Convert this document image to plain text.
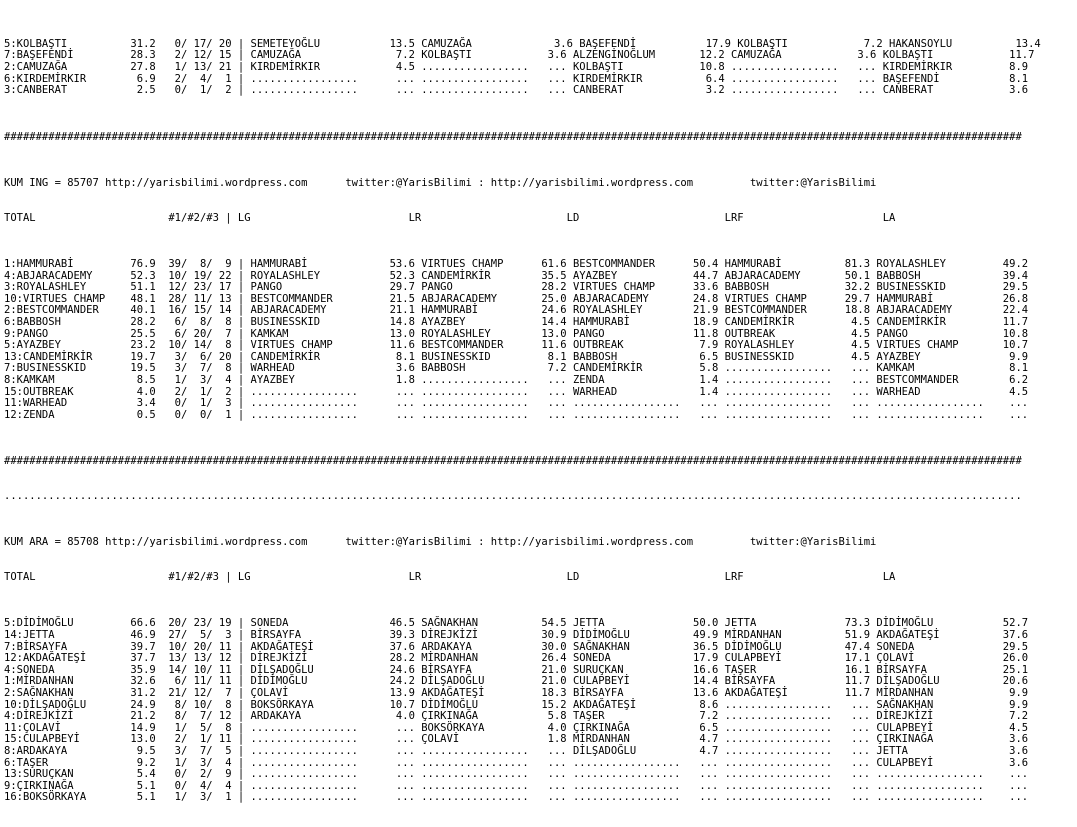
5:KOLBAŞTI          31.2   0/ 17/ 20 | SEMETEYOĞLU           13.5 CAMUZAĞA             3.6 BAŞEFENDİ           17.9 KOLBAŞTI            7.2 HAKANSOYLU          13.4
7:BAŞEFENDİ         28.3   2/ 12/ 15 | CAMUZAĞA               7.2 KOLBAŞTI            3.6 ALZENGİNOĞLUM       12.2 CAMUZAĞA            3.6 KOLBAŞTI            11.7
2:CAMUZAĞA          27.8   1/ 13/ 21 | KIRDEMİRKIR            4.5 .................   ... KOLBAŞTI            10.8 .................   ... KIRDEMİRKIR         8.9
6:KIRDEMİRKIR        6.9   2/  4/  1 | .................      ... .................   ... KIRDEMİRKIR          6.4 .................   ... BAŞEFENDİ           8.1
3:CANBERAT           2.5   0/  1/  2 | .................      ... .................   ... CANBERAT             3.2 .................   ... CANBERAT            3.6

#################################################################################################################################################################

KUM ING = 85707 http://yarisbilimi.wordpress.com      twitter:@YarisBilimi : http://yarisbilimi.wordpress.com         twitter:@YarisBilimi

TOTAL                     #1/#2/#3 | LG                         LR                       LD                       LRF                      LA

1:HAMMURABİ         76.9  39/  8/  9 | HAMMURABİ             53.6 VIRTUES CHAMP      61.6 BESTCOMMANDER      50.4 HAMMURABİ          81.3 ROYALASHLEY         49.2
4:ABJARACADEMY      52.3  10/ 19/ 22 | ROYALASHLEY           52.3 CANDEMİRKİR        35.5 AYAZBEY            44.7 ABJARACADEMY       50.1 BABBOSH             39.4
3:ROYALASHLEY       51.1  12/ 23/ 17 | PANGO                 29.7 PANGO              28.2 VIRTUES CHAMP      33.6 BABBOSH            32.2 BUSINESSKID         29.5
10:VIRTUES CHAMP    48.1  28/ 11/ 13 | BESTCOMMANDER         21.5 ABJARACADEMY       25.0 ABJARACADEMY       24.8 VIRTUES CHAMP      29.7 HAMMURABİ           26.8
2:BESTCOMMANDER     40.1  16/ 15/ 14 | ABJARACADEMY          21.1 HAMMURABİ          24.6 ROYALASHLEY        21.9 BESTCOMMANDER      18.8 ABJARACADEMY        22.4
6:BABBOSH           28.2   6/  8/  8 | BUSINESSKID           14.8 AYAZBEY            14.4 HAMMURABİ          18.9 CANDEMİRKİR         4.5 CANDEMİRKİR         11.7
9:PANGO             25.5   6/ 20/  7 | KAMKAM                13.0 ROYALASHLEY        13.0 PANGO              11.8 OUTBREAK            4.5 PANGO               10.8
5:AYAZBEY           23.2  10/ 14/  8 | VIRTUES CHAMP         11.6 BESTCOMMANDER      11.6 OUTBREAK            7.9 ROYALASHLEY         4.5 VIRTUES CHAMP       10.7
13:CANDEMİRKİR      19.7   3/  6/ 20 | CANDEMİRKİR            8.1 BUSINESSKID         8.1 BABBOSH             6.5 BUSINESSKID         4.5 AYAZBEY              9.9
7:BUSINESSKID       19.5   3/  7/  8 | WARHEAD                3.6 BABBOSH             7.2 CANDEMİRKİR         5.8 .................   ... KAMKAM               8.1
8:KAMKAM             8.5   1/  3/  4 | AYAZBEY                1.8 .................   ... ZENDA               1.4 .................   ... BESTCOMMANDER        6.2
15:OUTBREAK          4.0   2/  1/  2 | .................      ... .................   ... WARHEAD             1.4 .................   ... WARHEAD              4.5
11:WARHEAD           3.4   0/  1/  3 | .................      ... .................   ... .................   ... .................   ... .................    ...
12:ZENDA             0.5   0/  0/  1 | .................      ... .................   ... .................   ... .................   ... .................    ...

#################################################################################################################################################################

.................................................................................................................................................................

KUM ARA = 85708 http://yarisbilimi.wordpress.com      twitter:@YarisBilimi : http://yarisbilimi.wordpress.com         twitter:@YarisBilimi

TOTAL                     #1/#2/#3 | LG                         LR                       LD                       LRF                      LA

5:DİDİMOĞLU         66.6  20/ 23/ 19 | SONEDA                46.5 SAĞNAKHAN          54.5 JETTA              50.0 JETTA              73.3 DİDİMOĞLU           52.7
14:JETTA            46.9  27/  5/  3 | BİRSAYFA              39.3 DİREJKİZİ          30.9 DİDİMOĞLU          49.9 MİRDANHAN          51.9 AKDAĞATEŞİ          37.6
7:BİRSAYFA          39.7  10/ 20/ 11 | AKDAĞATEŞİ            37.6 ARDAKAYA           30.0 SAĞNAKHAN          36.5 DİDİMOĞLU          47.4 SONEDA              29.5
12:AKDAĞATEŞİ       37.7  13/ 13/ 12 | DİREJKİZİ             28.2 MİRDANHAN          26.4 SONEDA             17.9 CULAPBEYİ          17.1 ÇOLAVİ              26.0
4:SONEDA            35.9  14/ 10/ 11 | DİLŞADOĞLU            24.6 BİRSAYFA           21.0 SURUÇKAN           16.6 TAŞER              16.1 BİRSAYFA            25.1
1:MİRDANHAN         32.6   6/ 11/ 11 | DİDİMOĞLU             24.2 DİLŞADOĞLU         21.0 CULAPBEYİ          14.4 BİRSAYFA           11.7 DİLŞADOĞLU          20.6
2:SAĞNAKHAN         31.2  21/ 12/  7 | ÇOLAVİ                13.9 AKDAĞATEŞİ         18.3 BİRSAYFA           13.6 AKDAĞATEŞİ         11.7 MİRDANHAN            9.9
10:DİLŞADOĞLU       24.9   8/ 10/  8 | BOKSÖRKAYA            10.7 DİDİMOĞLU          15.2 AKDAĞATEŞİ          8.6 .................   ... SAĞNAKHAN            9.9
4:DİREJKİZİ         21.2   8/  7/ 12 | ARDAKAYA               4.0 ÇIRKINAĞA           5.8 TAŞER               7.2 .................   ... DİREJKİZİ            7.2
11:ÇOLAVİ           14.9   1/  5/  8 | .................      ... BOKSÖRKAYA          4.0 ÇIRKINAĞA           6.5 .................   ... CULAPBEYİ            4.5
15:CULAPBEYİ        13.0   2/  1/ 11 | .................      ... ÇOLAVİ              1.8 MİRDANHAN           4.7 .................   ... ÇIRKINAĞA            3.6
8:ARDAKAYA           9.5   3/  7/  5 | .................      ... .................   ... DİLŞADOĞLU          4.7 .................   ... JETTA                3.6
6:TAŞER              9.2   1/  3/  4 | .................      ... .................   ... .................   ... .................   ... CULAPBEYİ            3.6
13:SURUÇKAN          5.4   0/  2/  9 | .................      ... .................   ... .................   ... .................   ... .................    ...
9:ÇIRKINAĞA          5.1   0/  4/  4 | .................      ... .................   ... .................   ... .................   ... .................    ...
16:BOKSÖRKAYA        5.1   1/  3/  1 | .................      ... .................   ... .................   ... .................   ... .................    ...
